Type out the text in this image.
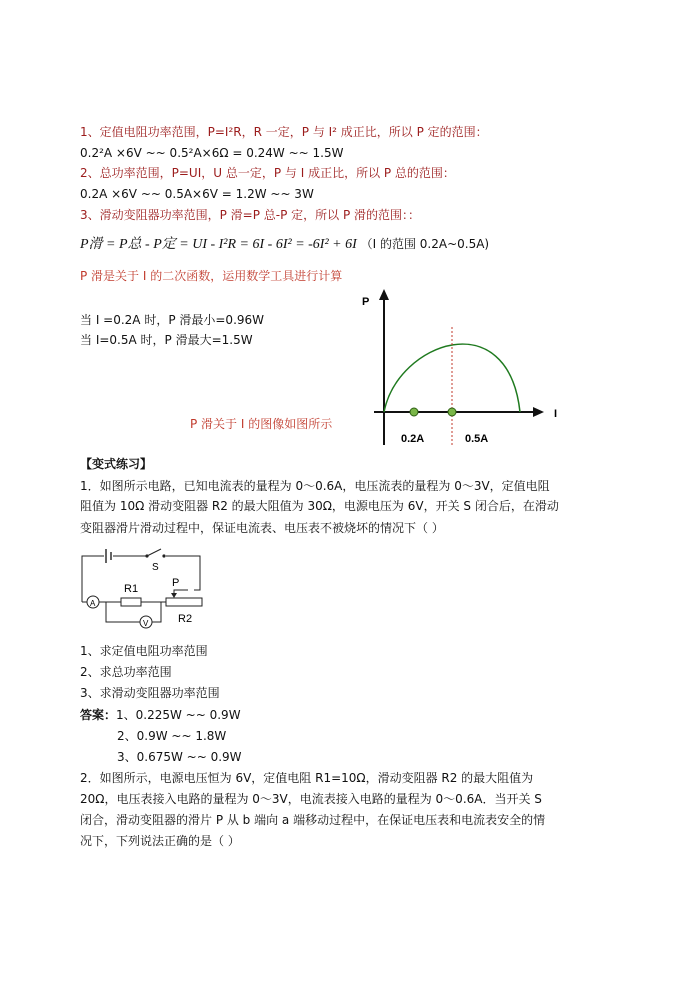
1、定值电阻功率范围，P=I²R，R 一定，P 与 I² 成正比，所以 P 定的范围：
0.2²A ×6V ~~ 0.5²A×6Ω = 0.24W ~~ 1.5W
2、总功率范围，P=UI，U 总一定，P 与 I 成正比，所以 P 总的范围：
0.2A ×6V ~~ 0.5A×6V = 1.2W ~~ 3W
3、滑动变阻器功率范围，P 滑=P 总-P 定，所以 P 滑的范围：：
P滑 = P总 - P定 = UI - I²R = 6I - 6I² = -6I² + 6I （I 的范围 0.2A~0.5A)
P 滑是关于 I 的二次函数，运用数学工具进行计算
当 I =0.2A 时，P 滑最小=0.96W
当 I=0.5A 时，P 滑最大=1.5W
P 滑关于 I 的图像如图所示
P
I
0.2A	0.5A
【变式练习】
1．如图所示电路，已知电流表的量程为 0～0.6A，电压流表的量程为 0～3V，定值电阻
阻值为 10Ω 滑动变阻器 R2 的最大阻值为 30Ω，电源电压为 6V，开关 S 闭合后，在滑动
变阻器滑片滑动过程中，保证电流表、电压表不被烧坏的情况下（ ）
S
A
R1
R2
P
V
1、求定值电阻功率范围
2、求总功率范围
3、求滑动变阻器功率范围
答案：1、0.225W ~~ 0.9W
2、0.9W ~~ 1.8W
3、0.675W ~~ 0.9W
2．如图所示，电源电压恒为 6V，定值电阻 R1=10Ω，滑动变阻器 R2 的最大阻值为
20Ω，电压表接入电路的量程为 0～3V，电流表接入电路的量程为 0～0.6A．当开关 S
闭合，滑动变阻器的滑片 P 从 b 端向 a 端移动过程中，在保证电压表和电流表安全的情
况下，下列说法正确的是（ ）
